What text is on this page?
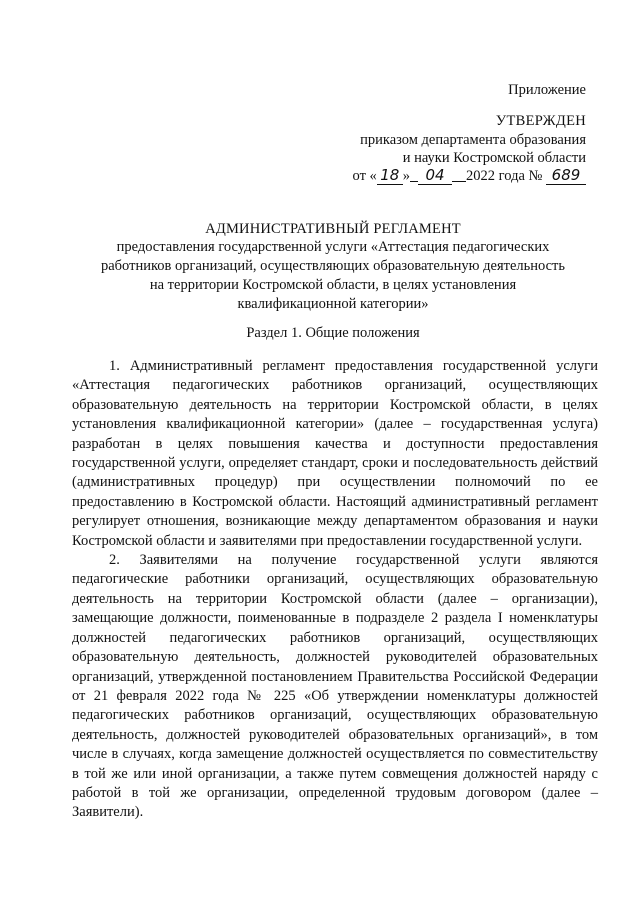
Приложение
УТВЕРЖДЕН
приказом департамента образования
и науки Костромской области
от « 18 » 04 2022 года № 689
АДМИНИСТРАТИВНЫЙ РЕГЛАМЕНТ
предоставления государственной услуги «Аттестация педагогических
работников организаций, осуществляющих образовательную деятельность
на территории Костромской области, в целях установления
квалификационной категории»
Раздел 1. Общие положения

1. Административный регламент предоставления государственной услуги «Аттестация педагогических работников организаций, осуществляющих образовательную деятельность на территории Костромской области, в целях установления квалификационной категории» (далее – государственная услуга) разработан в целях повышения качества и доступности предоставления государственной услуги, определяет стандарт, сроки и последовательность действий (административных процедур) при осуществлении полномочий по ее предоставлению в Костромской области. Настоящий административный регламент регулирует отношения, возникающие между департаментом образования и науки Костромской области и заявителями при предоставлении государственной услуги.

2. Заявителями на получение государственной услуги являются педагогические работники организаций, осуществляющих образовательную деятельность на территории Костромской области (далее – организации), замещающие должности, поименованные в подразделе 2 раздела I номенклатуры должностей педагогических работников организаций, осуществляющих образовательную деятельность, должностей руководителей образовательных организаций, утвержденной постановлением Правительства Российской Федерации от 21 февраля 2022 года № 225 «Об утверждении номенклатуры должностей педагогических работников организаций, осуществляющих образовательную деятельность, должностей руководителей образовательных организаций», в том числе в случаях, когда замещение должностей осуществляется по совместительству в той же или иной организации, а также путем совмещения должностей наряду с работой в той же организации, определенной трудовым договором (далее – Заявители).
